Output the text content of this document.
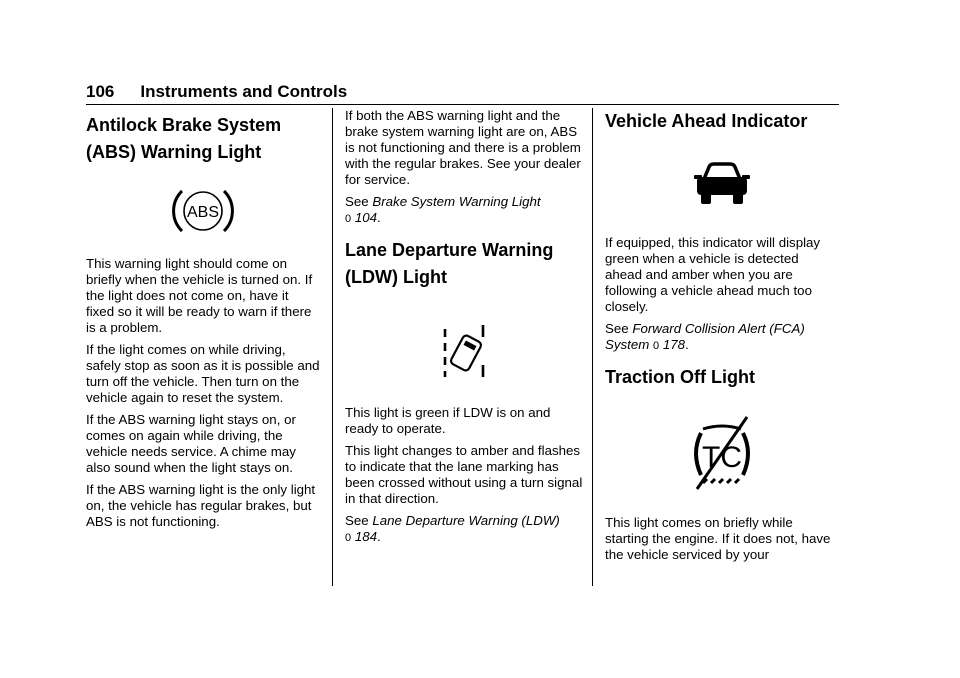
106 Instruments and Controls
Antilock Brake System (ABS) Warning Light
ABS

This warning light should come on briefly when the vehicle is turned on. If the light does not come on, have it fixed so it will be ready to warn if there is a problem.

If the light comes on while driving, safely stop as soon as it is possible and turn off the vehicle. Then turn on the vehicle again to reset the system.

If the ABS warning light stays on, or comes on again while driving, the vehicle needs service. A chime may also sound when the light stays on.

If the ABS warning light is the only light on, the vehicle has regular brakes, but ABS is not functioning.

If both the ABS warning light and the brake system warning light are on, ABS is not functioning and there is a problem with the regular brakes. See your dealer for service.

See Brake System Warning Light
0 104.

Lane Departure Warning (LDW) Light

This light is green if LDW is on and ready to operate.

This light changes to amber and flashes to indicate that the lane marking has been crossed without using a turn signal in that direction.

See Lane Departure Warning (LDW)
0 184.

Vehicle Ahead Indicator

If equipped, this indicator will display green when a vehicle is detected ahead and amber when you are following a vehicle ahead much too closely.

See Forward Collision Alert (FCA) System 0 178.

Traction Off Light
TC

This light comes on briefly while starting the engine. If it does not, have the vehicle serviced by your
